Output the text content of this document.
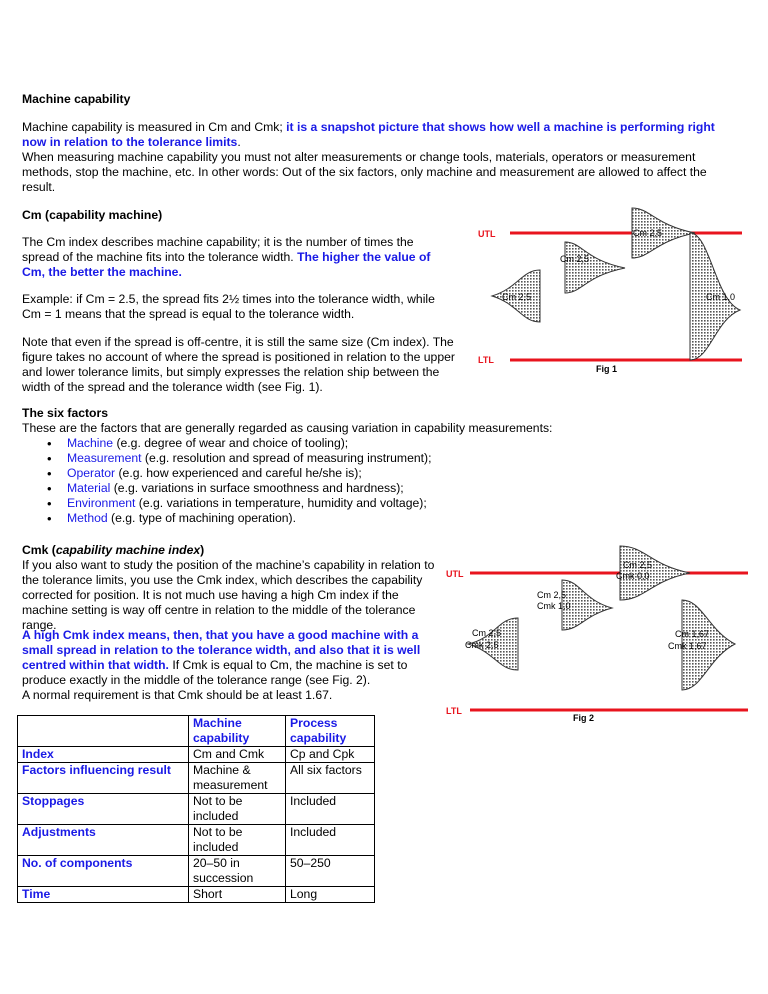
Machine capability
Machine capability is measured in Cm and Cmk; it is a snapshot picture that shows how well a machine is performing right now in relation to the tolerance limits.
When measuring machine capability you must not alter measurements or change tools, materials, operators or measurement methods, stop the machine, etc. In other words: Out of the six factors, only machine and measurement are allowed to affect the result.
Cm (capability machine)

The Cm index describes machine capability; it is the number of times the spread of the machine fits into the tolerance width. The higher the value of Cm, the better the machine.

Example: if Cm = 2.5, the spread fits 2½ times into the tolerance width, while Cm = 1 means that the spread is equal to the tolerance width.

Note that even if the spread is off-centre, it is still the same size (Cm index). The figure takes no account of where the spread is positioned in relation to the upper and lower tolerance limits, but simply expresses the relation ship between the width of the spread and the tolerance width (see Fig. 1).

UTL
LTL
Cm 2,5
Cm 2,5
Cm 2,5	Cm 1,0
Fig 1
The six factors
These are the factors that are generally regarded as causing variation in capability measurements:
• Machine (e.g. degree of wear and choice of tooling);
• Measurement (e.g. resolution and spread of measuring instrument);
• Operator (e.g. how experienced and careful he/she is);
• Material (e.g. variations in surface smoothness and hardness);
• Environment (e.g. variations in temperature, humidity and voltage);
• Method (e.g. type of machining operation).
Cmk (capability machine index)

If you also want to study the position of the machine’s capability in relation to the tolerance limits, you use the Cmk index, which describes the capability corrected for position. It is not much use having a high Cm index if the machine setting is way off centre in relation to the middle of the tolerance range.

A high Cmk index means, then, that you have a good machine with a small spread in relation to the tolerance width, and also that it is well centred within that width. If Cmk is equal to Cm, the machine is set to produce exactly in the middle of the tolerance range (see Fig. 2).

A normal requirement is that Cmk should be at least 1.67.

UTL
LTL
Cm 2,5
Cmk 0,0
Cm 2,5
Cmk 1,0
Cm 2,5
Cmk 2,5
Cm 1,67
Cmk 1,67
Fig 2
	Machine capability	Process capability
Index	Cm and Cmk	Cp and Cpk
Factors influencing result	Machine & measurement	All six factors
Stoppages	Not to be included	Included
Adjustments	Not to be included	Included
No. of components	20–50 in succession	50–250
Time	Short	Long
